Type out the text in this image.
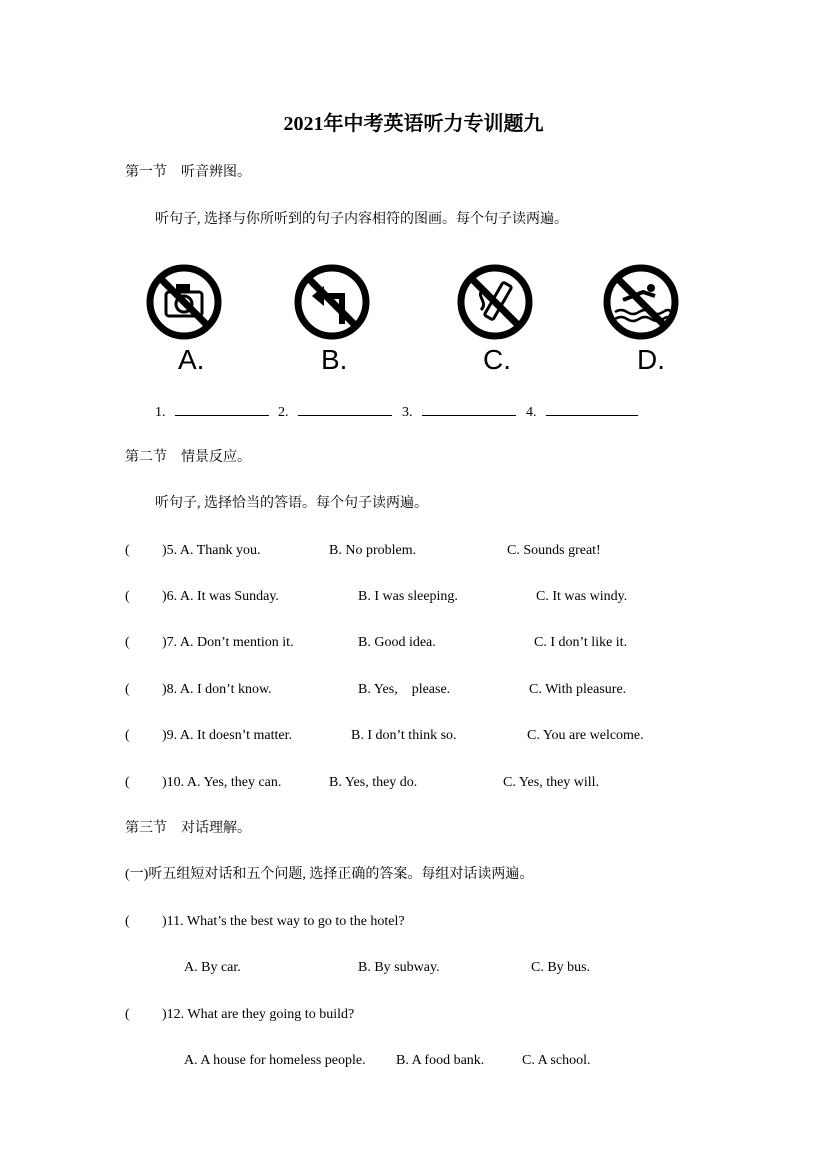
2021年中考英语听力专训题九
第一节    听音辨图。
听句子, 选择与你所听到的句子内容相符的图画。每个句子读两遍。
A.	B.	C.	D.
1.	2.	3.	4.
第二节    情景反应。
听句子, 选择恰当的答语。每个句子读两遍。
( )5. A. Thank you.	B. No problem.	C. Sounds great!
( )6. A. It was Sunday.	B. I was sleeping.	C. It was windy.
( )7. A. Don’t mention it.	B. Good idea.	C. I don’t like it.
( )8. A. I don’t know.	B. Yes,    please.	C. With pleasure.
( )9. A. It doesn’t matter.	B. I don’t think so.	C. You are welcome.
( )10. A. Yes, they can.	B. Yes, they do.	C. Yes, they will.
第三节    对话理解。
(一)听五组短对话和五个问题, 选择正确的答案。每组对话读两遍。
( )11. What’s the best way to go to the hotel?
A. By car.	B. By subway.	C. By bus.
( )12. What are they going to build?
A. A house for homeless people. B. A food bank.	C. A school.
